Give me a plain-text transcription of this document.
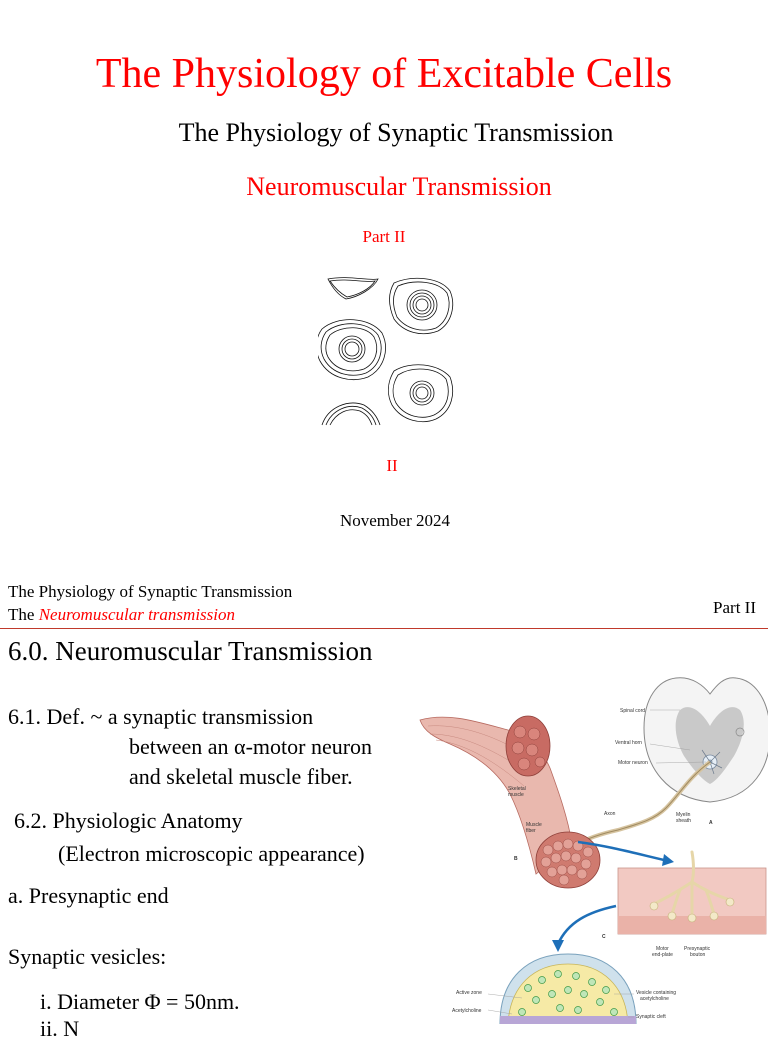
The Physiology of Excitable Cells
The Physiology of Synaptic Transmission
Neuromuscular Transmission
Part II
II
November 2024
The Physiology of Synaptic Transmission
The Neuromuscular transmission	Part II
6.0. Neuromuscular Transmission
6.1. Def. ~ a synaptic transmission
between an α-motor neuron
and skeletal muscle fiber.
6.2. Physiologic Anatomy
(Electron microscopic appearance)
a. Presynaptic end
Synaptic vesicles:
i. Diameter Φ = 50nm.
ii. N
Spinal cord
Ventral horn
Motor neuron
Axon	Myelin
sheath	A
Skeletal
muscle
Muscle
fiber
B
C
Motor
end-plate
Presynaptic
bouton
Active zone
Acetylcholine
Vesicle containing
acetylcholine
Synaptic cleft
